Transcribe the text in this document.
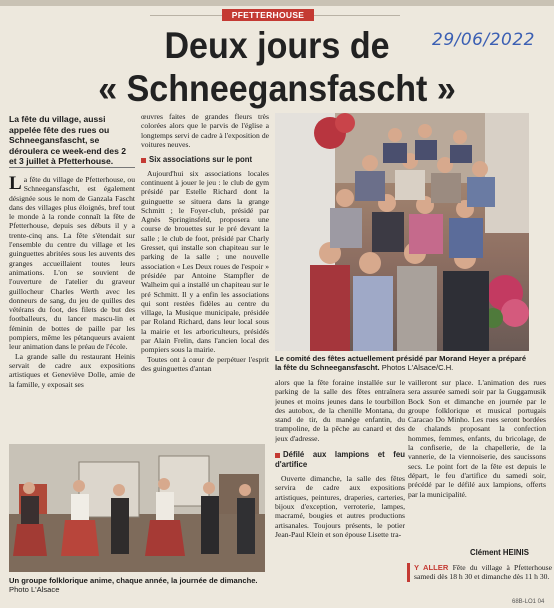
PFETTERHOUSE
29/06/2022
Deux jours de
« Schneegansfascht »
La fête du village, aussi appelée fête des rues ou Schneegansfascht, se déroulera ce week-end des 2 et 3 juillet à Pfetterhouse.

La fête du village de Pfetterhouse, ou Schneegansfascht, est également désignée sous le nom de Ganzala Fascht dans des villages plus éloignés, bref tout le monde à la ronde connaît la fête de Pfetterhouse, depuis ses débuts il y a trente-cinq ans. La fête s'étendait sur l'ensemble du centre du village et les guinguettes abritées sous les auvents des granges accueillaient toutes leurs animations. L'on se souvient de l'ouverture de l'atelier du graveur guillocheur Charles Werth avec les donneurs de sang, du jeu de quilles des vétérans du foot, des filets de but des footballeurs, du lancer mascu-lin et féminin de bottes de paille par les pompiers, même les pétanqueurs avaient leur animation dans le préau de l'école.

La grande salle du restaurant Heinis servait de cadre aux expositions artistiques et Geneviève Dolle, amie de la famille, y exposait ses

œuvres faites de grandes fleurs très colorées alors que le parvis de l'église a longtemps servi de cadre à l'exposition de voitures neuves.

Six associations sur le pont

Aujourd'hui six associations locales continuent à jouer le jeu : le club de gym présidé par Estelle Richard dont la guinguette se situera dans la grange Schmitt ; le Foyer-club, présidé par Agnès Springinsfeld, proposera une course de brouettes sur le pré devant la salle ; le club de foot, présidé par Charly Gresset, qui installe son chapiteau sur le parking de la salle ; une nouvelle association « Les Deux roues de l'espoir » présidée par Antoine Stampfler de Walheim qui a installé un chapiteau sur le pré Schmitt. Il y a enfin les associations qui sont restées fidèles au centre du village, la Musique municipale, présidée par Roland Richard, dans leur local sous la mairie et les arboriculteurs, présidés par Alain Frelin, dans l'ancien local des pompiers sous la mairie.

Toutes ont à cœur de perpétuer l'esprit des guinguettes d'antan

Le comité des fêtes actuellement présidé par Morand Heyer a préparé la fête du Schneegansfascht. Photos L'Alsace/C.H.

alors que la fête foraine installée sur le parking de la salle des fêtes entraînera jeunes et moins jeunes dans le tourbillon des autobox, de la chenille Montana, du stand de tir, du manège enfantin, du trampoline, de la pêche au canard et des jeux d'adresse.

Défilé aux lampions et feu d'artifice

Ouverte dimanche, la salle des fêtes servira de cadre aux expositions artistiques, peintures, draperies, carteries, bijoux d'exception, verroterie, lampes, macramé, bougies et autres productions artisanales. Toujours présents, le potier Jean-Paul Klein et son épouse Lisette tra-

vailleront sur place. L'animation des rues sera assurée samedi soir par la Guggamusik Bock Son et dimanche en journée par le groupe folklorique et musical portugais Caracao Do Minho. Les rues seront bordées de chalands proposant la confection hommes, femmes, enfants, du bricolage, de la confiserie, de la chapellerie, de la vannerie, de la viennoiserie, des saucissons secs. Le point fort de la fête est depuis le départ, le feu d'artifice du samedi soir, précédé par le défilé aux lampions, offerts par la municipalité.

Clément HEINIS
Y ALLER Fête du village à Pfetterhouse samedi dès 18 h 30 et dimanche dès 11 h 30.
Un groupe folklorique anime, chaque année, la journée de dimanche. Photo L'Alsace
68B-LO1 04
